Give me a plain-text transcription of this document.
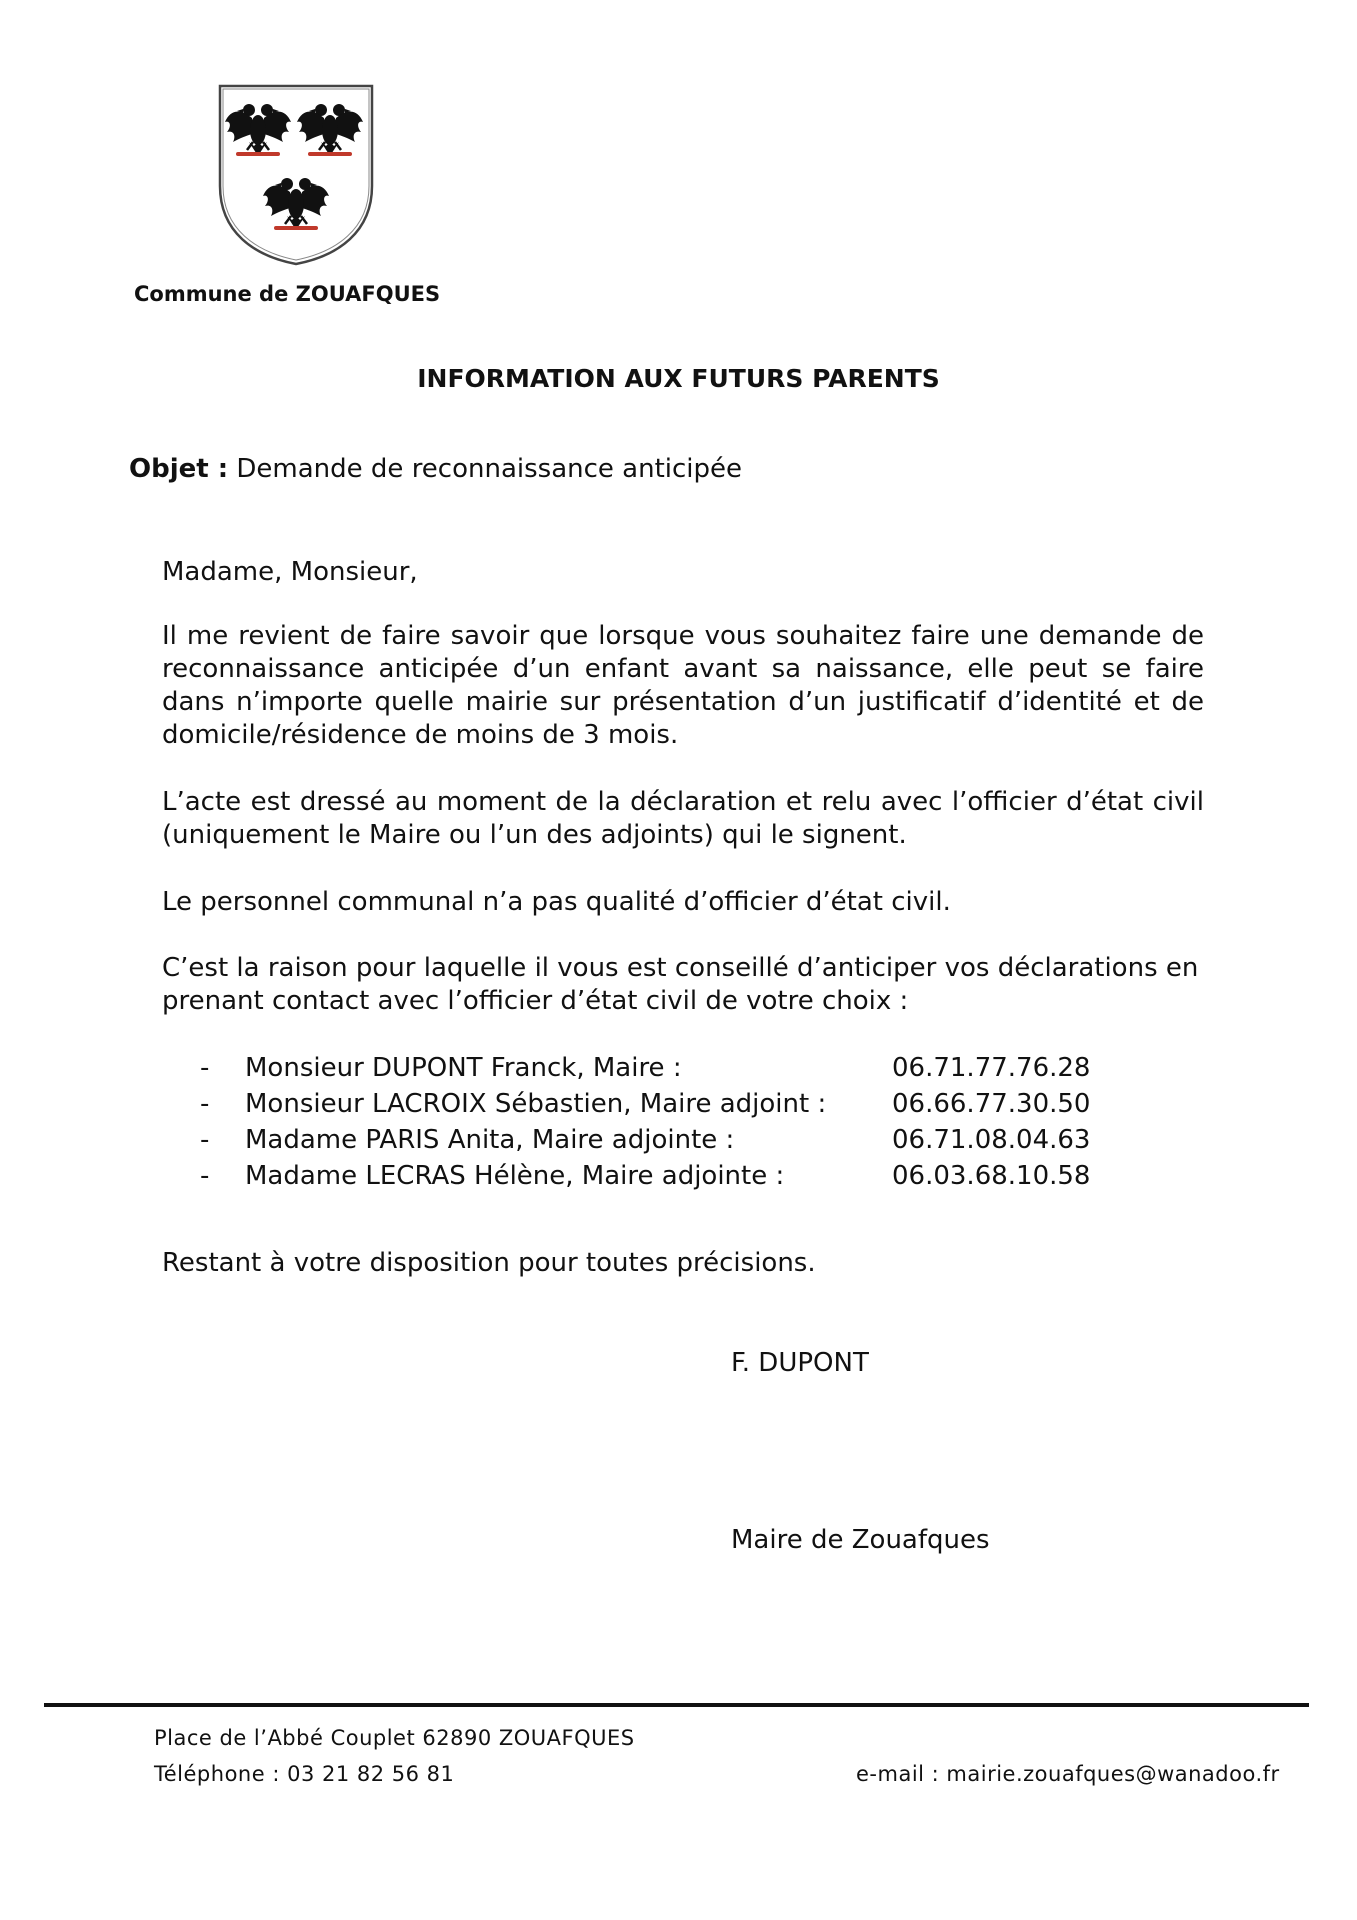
Commune de ZOUAFQUES
INFORMATION AUX FUTURS PARENTS
Objet : Demande de reconnaissance anticipée
Madame, Monsieur,
Il me revient de faire savoir que lorsque vous souhaitez faire une demande de reconnaissance anticipée d’un enfant avant sa naissance, elle peut se faire dans n’importe quelle mairie sur présentation d’un justificatif d’identité et de domicile/résidence de moins de 3 mois.
L’acte est dressé au moment de la déclaration et relu avec l’officier d’état civil (uniquement le Maire ou l’un des adjoints) qui le signent.
Le personnel communal n’a pas qualité d’officier d’état civil.
C’est la raison pour laquelle il vous est conseillé d’anticiper vos déclarations en prenant contact avec l’officier d’état civil de votre choix :
-	Monsieur DUPONT Franck, Maire :	06.71.77.76.28
-	Monsieur LACROIX Sébastien, Maire adjoint :	06.66.77.30.50
-	Madame PARIS Anita, Maire adjointe :	06.71.08.04.63
-	Madame LECRAS Hélène, Maire adjointe :	06.03.68.10.58
Restant à votre disposition pour toutes précisions.
F. DUPONT
Maire de Zouafques
Place de l’Abbé Couplet 62890 ZOUAFQUES
Téléphone : 03 21 82 56 81	e-mail : mairie.zouafques@wanadoo.fr
